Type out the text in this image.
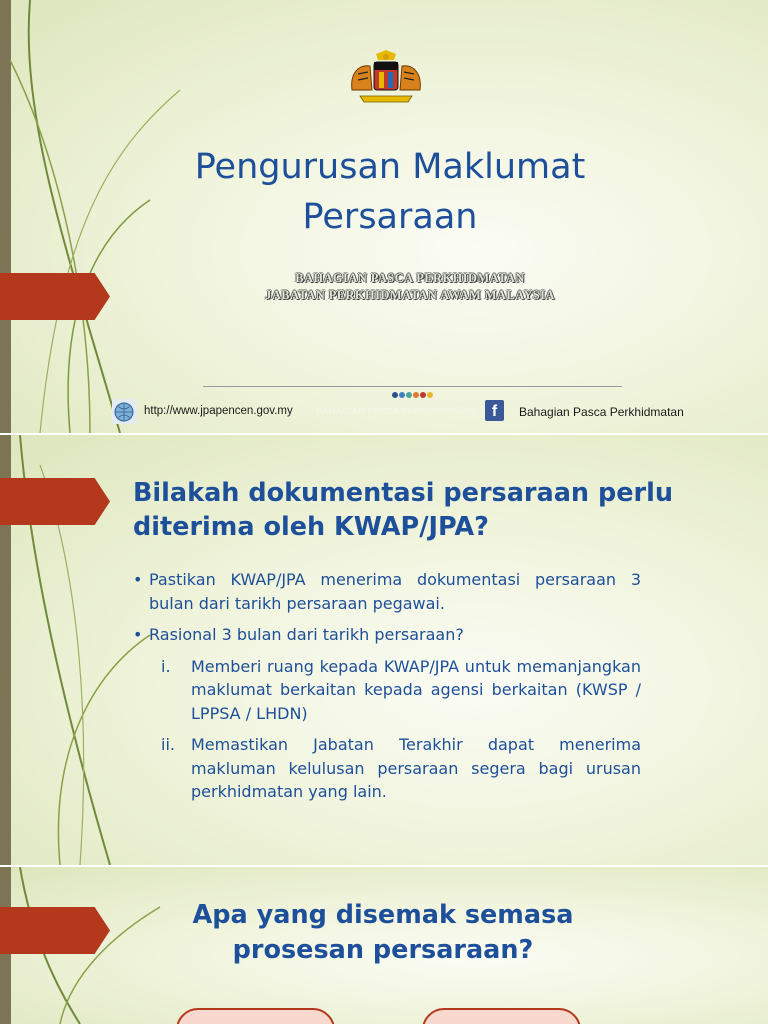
Pengurusan Maklumat Persaraan
BAHAGIAN PASCA PERKHIDMATAN
JABATAN PERKHIDMATAN AWAM MALAYSIA
http://www.jpapencen.gov.my BAHAGIAN PASCA PERKHIDMATAN	f	Bahagian Pasca Perkhidmatan
Bilakah dokumentasi persaraan perlu diterima oleh KWAP/JPA?
• Pastikan KWAP/JPA menerima dokumentasi persaraan 3 bulan dari tarikh persaraan pegawai.
• Rasional 3 bulan dari tarikh persaraan?
i.	Memberi ruang kepada KWAP/JPA untuk memanjangkan maklumat berkaitan kepada agensi berkaitan (KWSP / LPPSA / LHDN)
ii.	Memastikan Jabatan Terakhir dapat menerima makluman kelulusan persaraan segera bagi urusan perkhidmatan yang lain.
Apa yang disemak semasa prosesan persaraan?
